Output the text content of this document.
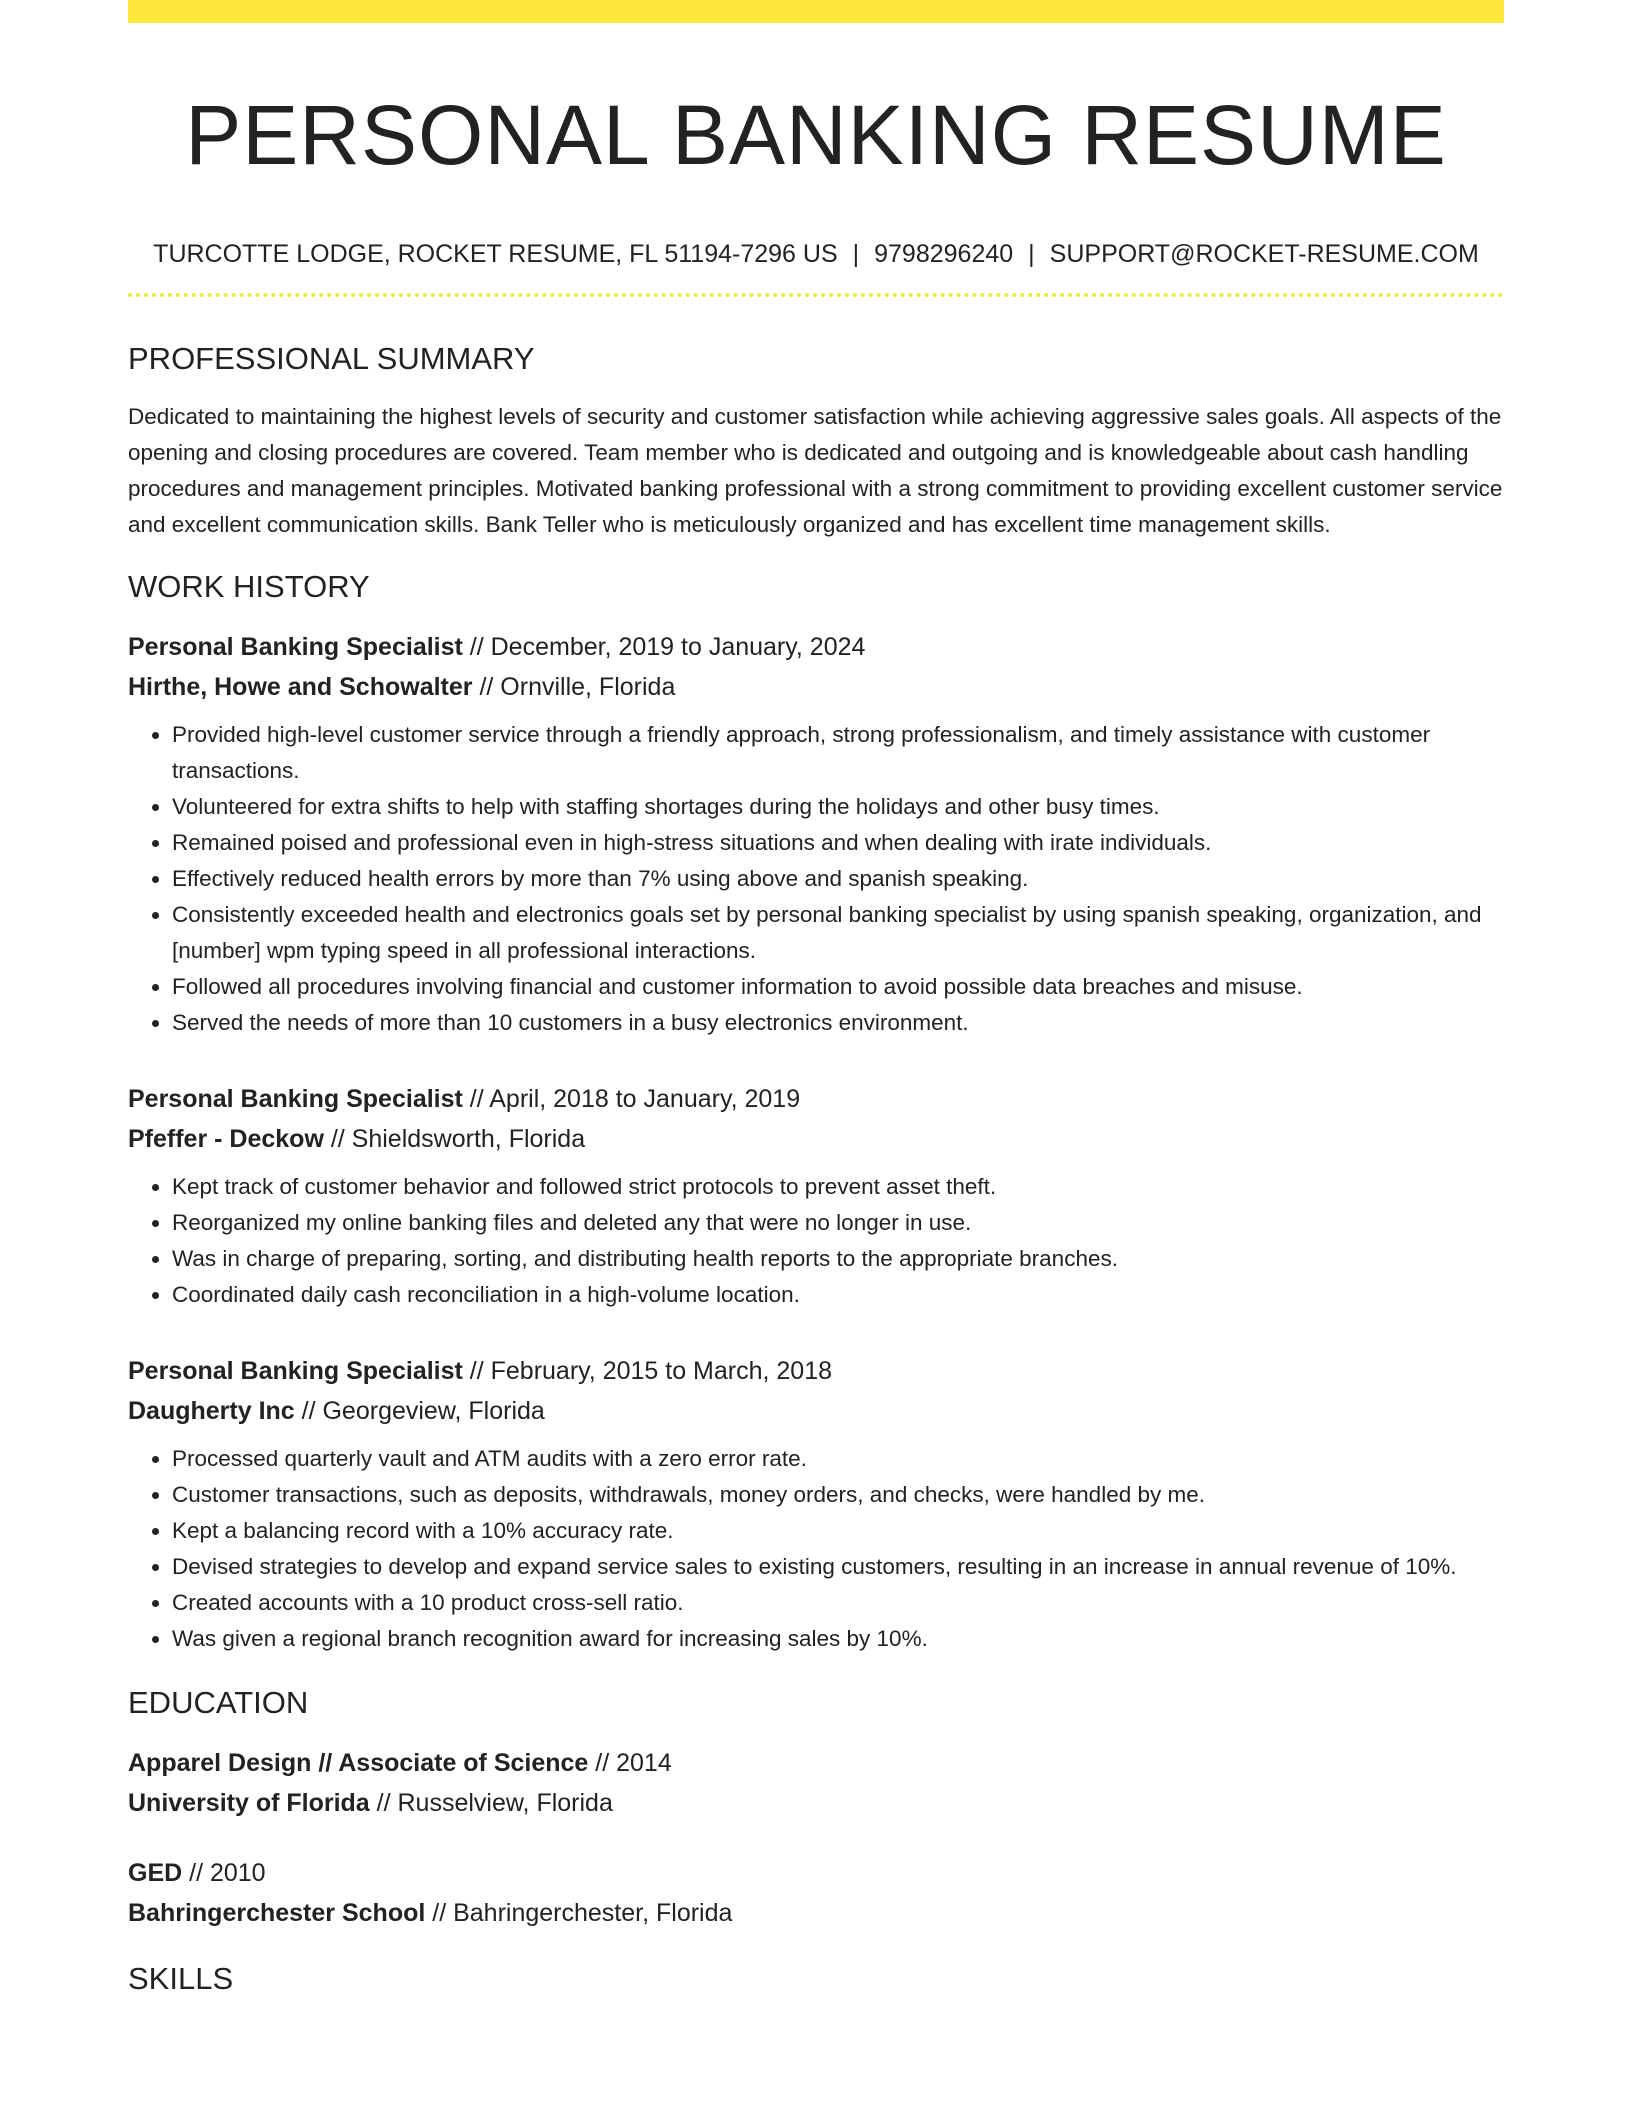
PERSONAL BANKING RESUME
TURCOTTE LODGE, ROCKET RESUME, FL 51194-7296 US | 9798296240 | SUPPORT@ROCKET-RESUME.COM
PROFESSIONAL SUMMARY

Dedicated to maintaining the highest levels of security and customer satisfaction while achieving aggressive sales goals. All aspects of the opening and closing procedures are covered. Team member who is dedicated and outgoing and is knowledgeable about cash handling procedures and management principles. Motivated banking professional with a strong commitment to providing excellent customer service and excellent communication skills. Bank Teller who is meticulously organized and has excellent time management skills.

WORK HISTORY
Personal Banking Specialist // December, 2019 to January, 2024
Hirthe, Howe and Schowalter // Ornville, Florida
• Provided high-level customer service through a friendly approach, strong professionalism, and timely assistance with customer transactions.
• Volunteered for extra shifts to help with staffing shortages during the holidays and other busy times.
• Remained poised and professional even in high-stress situations and when dealing with irate individuals.
• Effectively reduced health errors by more than 7% using above and spanish speaking.
• Consistently exceeded health and electronics goals set by personal banking specialist by using spanish speaking, organization, and [number] wpm typing speed in all professional interactions.
• Followed all procedures involving financial and customer information to avoid possible data breaches and misuse.
• Served the needs of more than 10 customers in a busy electronics environment.
Personal Banking Specialist // April, 2018 to January, 2019
Pfeffer - Deckow // Shieldsworth, Florida
• Kept track of customer behavior and followed strict protocols to prevent asset theft.
• Reorganized my online banking files and deleted any that were no longer in use.
• Was in charge of preparing, sorting, and distributing health reports to the appropriate branches.
• Coordinated daily cash reconciliation in a high-volume location.
Personal Banking Specialist // February, 2015 to March, 2018
Daugherty Inc // Georgeview, Florida
• Processed quarterly vault and ATM audits with a zero error rate.
• Customer transactions, such as deposits, withdrawals, money orders, and checks, were handled by me.
• Kept a balancing record with a 10% accuracy rate.
• Devised strategies to develop and expand service sales to existing customers, resulting in an increase in annual revenue of 10%.
• Created accounts with a 10 product cross-sell ratio.
• Was given a regional branch recognition award for increasing sales by 10%.
EDUCATION
Apparel Design // Associate of Science // 2014
University of Florida // Russelview, Florida
GED // 2010
Bahringerchester School // Bahringerchester, Florida
SKILLS
